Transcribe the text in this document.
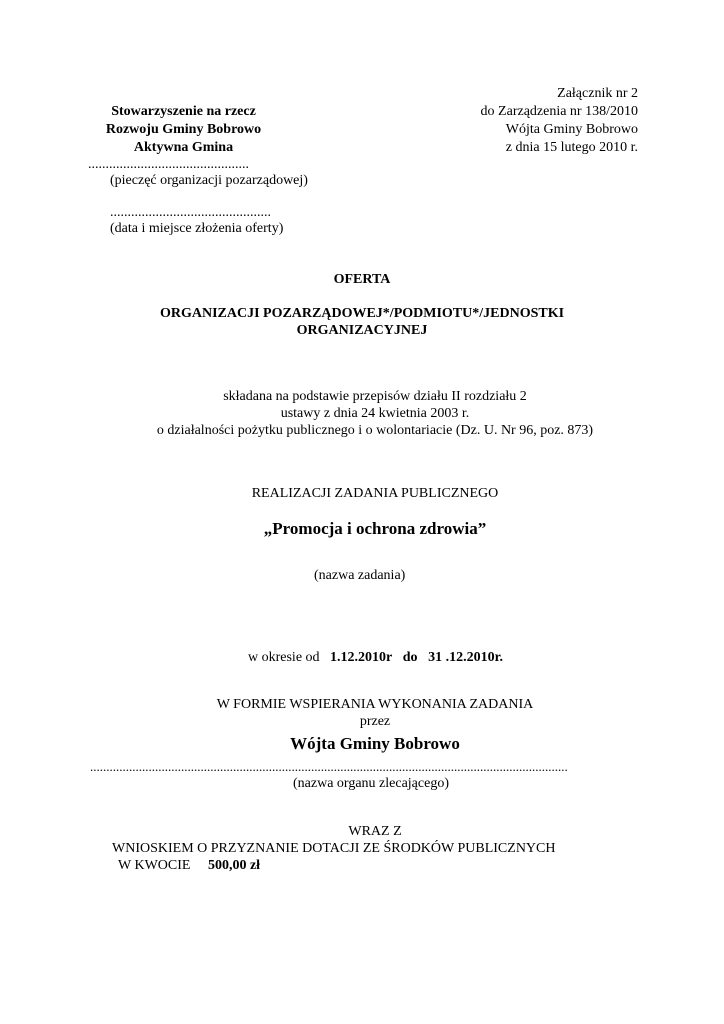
Stowarzyszenie na rzecz
Rozwoju Gminy Bobrowo
Aktywna Gmina
Załącznik nr 2
do Zarządzenia nr 138/2010
Wójta Gminy Bobrowo
z dnia 15 lutego 2010 r.
..............................................
(pieczęć organizacji pozarządowej)
..............................................
(data i miejsce złożenia oferty)
OFERTA
ORGANIZACJI POZARZĄDOWEJ*/PODMIOTU*/JEDNOSTKI
ORGANIZACYJNEJ
składana na podstawie przepisów działu II rozdziału 2
ustawy z dnia 24 kwietnia 2003 r.
o działalności pożytku publicznego i o wolontariacie (Dz. U. Nr 96, poz. 873)
REALIZACJI ZADANIA PUBLICZNEGO
„Promocja i ochrona zdrowia”
(nazwa zadania)
w okresie od 1.12.2010r do 31 .12.2010r.
W FORMIE WSPIERANIA WYKONANIA ZADANIA
przez
Wójta Gminy Bobrowo
...................................................................................................................................................
(nazwa organu zlecającego)
WRAZ Z
WNIOSKIEM O PRZYZNANIE DOTACJI ZE ŚRODKÓW PUBLICZNYCH
W KWOCIE 500,00 zł
